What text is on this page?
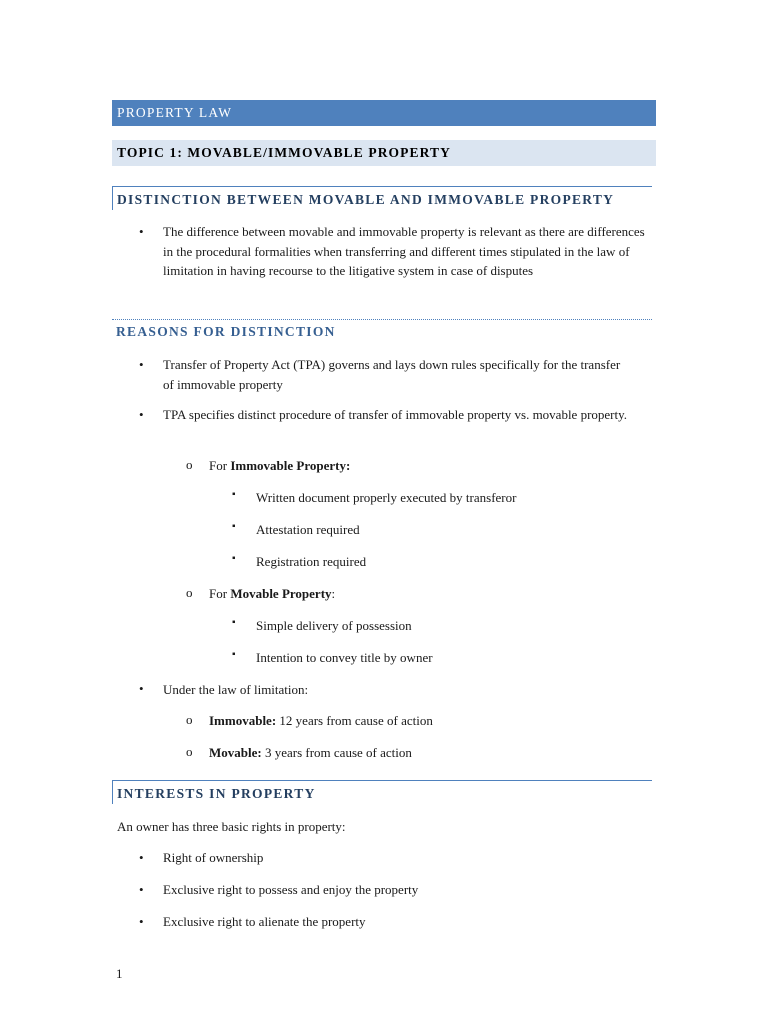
PROPERTY LAW
TOPIC 1: MOVABLE/IMMOVABLE PROPERTY
DISTINCTION BETWEEN MOVABLE AND IMMOVABLE PROPERTY
• The difference between movable and immovable property is relevant as there are differences in the procedural formalities when transferring and different times stipulated in the law of limitation in having recourse to the litigative system in case of disputes
REASONS FOR DISTINCTION
• Transfer of Property Act (TPA) governs and lays down rules specifically for the transfer of immovable property
• TPA specifies distinct procedure of transfer of immovable property vs. movable property.
o For Immovable Property:
▪ Written document properly executed by transferor
▪ Attestation required
▪ Registration required
o For Movable Property:
▪ Simple delivery of possession
▪ Intention to convey title by owner
• Under the law of limitation:
o Immovable: 12 years from cause of action
o Movable: 3 years from cause of action
INTERESTS IN PROPERTY
An owner has three basic rights in property:
• Right of ownership
• Exclusive right to possess and enjoy the property
• Exclusive right to alienate the property
1
